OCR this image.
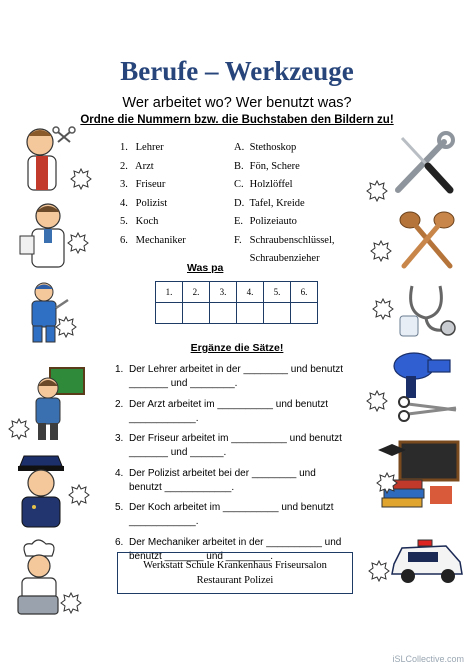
Berufe – Werkzeuge
Wer arbeitet wo? Wer benutzt was?
Ordne die Nummern bzw. die Buchstaben den Bildern zu!
1. Lehrer
2. Arzt
3. Friseur
4. Polizist
5. Koch
6. Mechaniker
A. Stethoskop
B. Fön, Schere
C. Holzlöffel
D. Tafel, Kreide
E. Polizeiauto
F. Schraubenschlüssel,
Schraubenzieher
Was pa
1.	2.	3.	4.	5.	6.

Ergänze die Sätze!
1. Der Lehrer arbeitet in der ________ und benutzt _______ und ________.
2. Der Arzt arbeitet im __________ und benutzt ____________.
3. Der Friseur arbeitet im __________ und benutzt _______ und ______.
4. Der Polizist arbeitet bei der ________ und benutzt ____________.
5. Der Koch arbeitet im __________ und benutzt ____________.
6. Der Mechaniker arbeitet in der __________ und benutzt _______ und ________.
Werkstatt Schule Krankenhaus Friseursalon
Restaurant Polizei
iSLCollective.com
